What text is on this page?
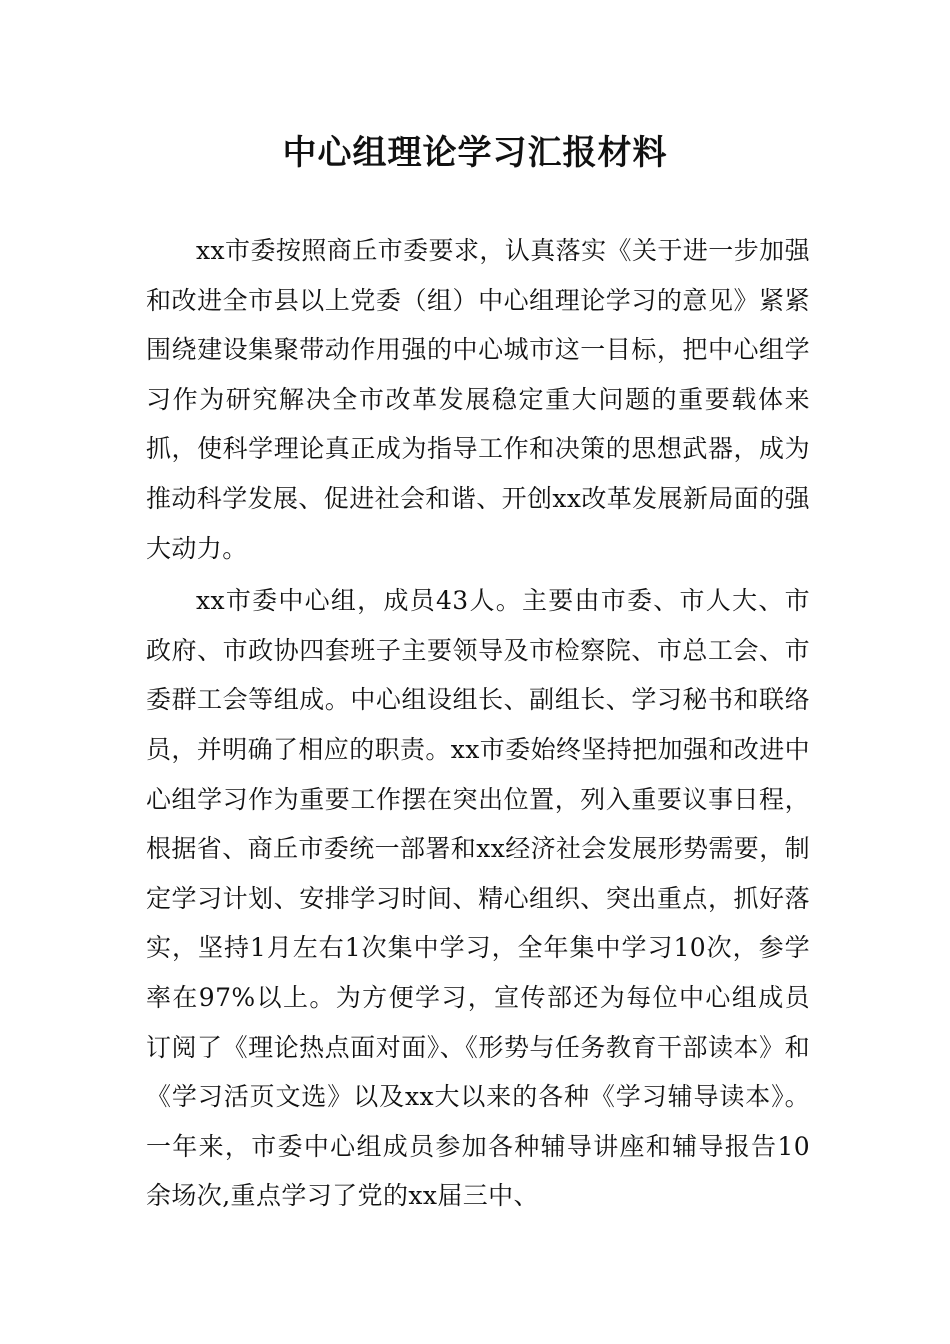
中心组理论学习汇报材料

xx市委按照商丘市委要求，认真落实《关于进一步加强和改进全市县以上党委（组）中心组理论学习的意见》紧紧围绕建设集聚带动作用强的中心城市这一目标，把中心组学习作为研究解决全市改革发展稳定重大问题的重要载体来抓，使科学理论真正成为指导工作和决策的思想武器，成为推动科学发展、促进社会和谐、开创xx改革发展新局面的强大动力。

xx市委中心组，成员43人。主要由市委、市人大、市政府、市政协四套班子主要领导及市检察院、市总工会、市委群工会等组成。中心组设组长、副组长、学习秘书和联络员，并明确了相应的职责。xx市委始终坚持把加强和改进中心组学习作为重要工作摆在突出位置，列入重要议事日程，根据省、商丘市委统一部署和xx经济社会发展形势需要，制定学习计划、安排学习时间、精心组织、突出重点，抓好落实，坚持1月左右1次集中学习，全年集中学习10次，参学率在97%以上。为方便学习，宣传部还为每位中心组成员订阅了《理论热点面对面》、《形势与任务教育干部读本》和《学习活页文选》以及xx大以来的各种《学习辅导读本》。一年来，市委中心组成员参加各种辅导讲座和辅导报告10余场次,重点学习了党的xx届三中、
